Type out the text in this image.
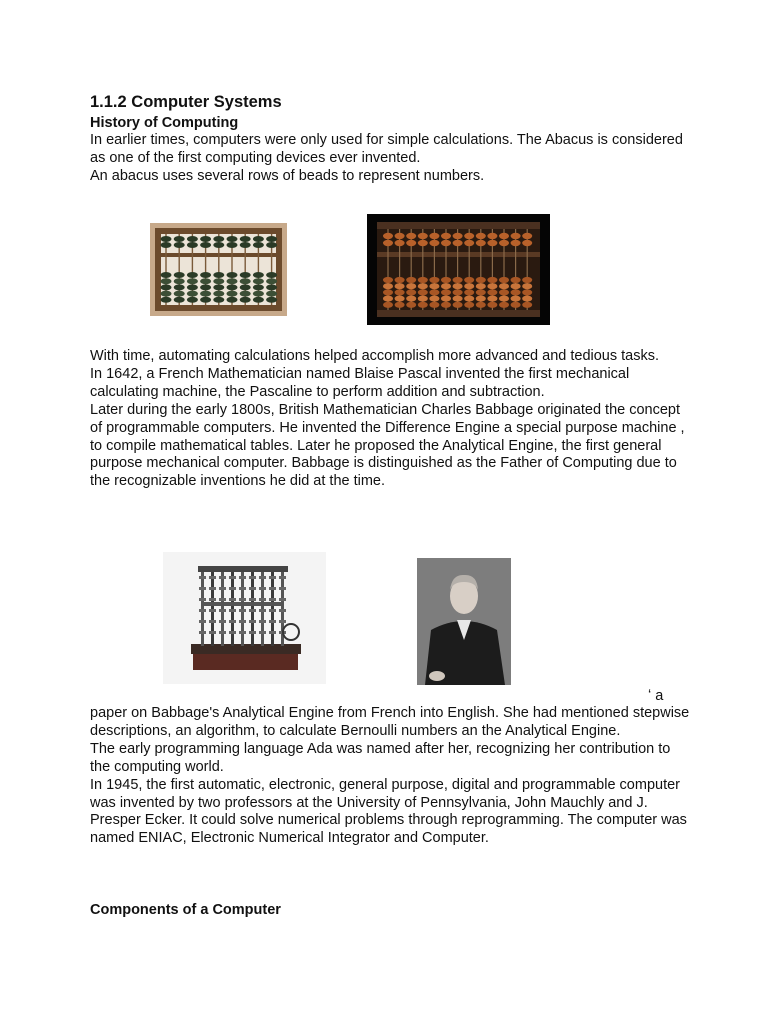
1.1.2 Computer Systems
History of Computing

In earlier times, computers were only used for simple calculations. The Abacus is considered as one of the first computing devices ever invented.

An abacus uses several rows of beads to represent numbers.

With time, automating calculations helped accomplish more advanced and tedious tasks.

In 1642, a French Mathematician named Blaise Pascal invented the first mechanical calculating machine, the Pascaline to perform addition and subtraction.

Later during the early 1800s, British Mathematician Charles Babbage originated the concept of programmable computers. He invented the Difference Engine a special purpose machine , to compile mathematical tables. Later he proposed the Analytical Engine, the first general purpose mechanical computer. Babbage is distinguished as the Father of Computing due to the recognizable inventions he did at the time.

ʻ a

paper on Babbage's Analytical Engine from French into English. She had mentioned stepwise descriptions, an algorithm, to calculate Bernoulli numbers an the Analytical Engine.

The early programming language Ada was named after her, recognizing her contribution to the computing world.

In 1945, the first automatic, electronic, general purpose, digital and programmable computer was invented by two professors at the University of Pennsylvania, John Mauchly and J. Presper Ecker. It could solve numerical problems through reprogramming. The computer was named ENIAC, Electronic Numerical Integrator and Computer.

Components of a Computer
